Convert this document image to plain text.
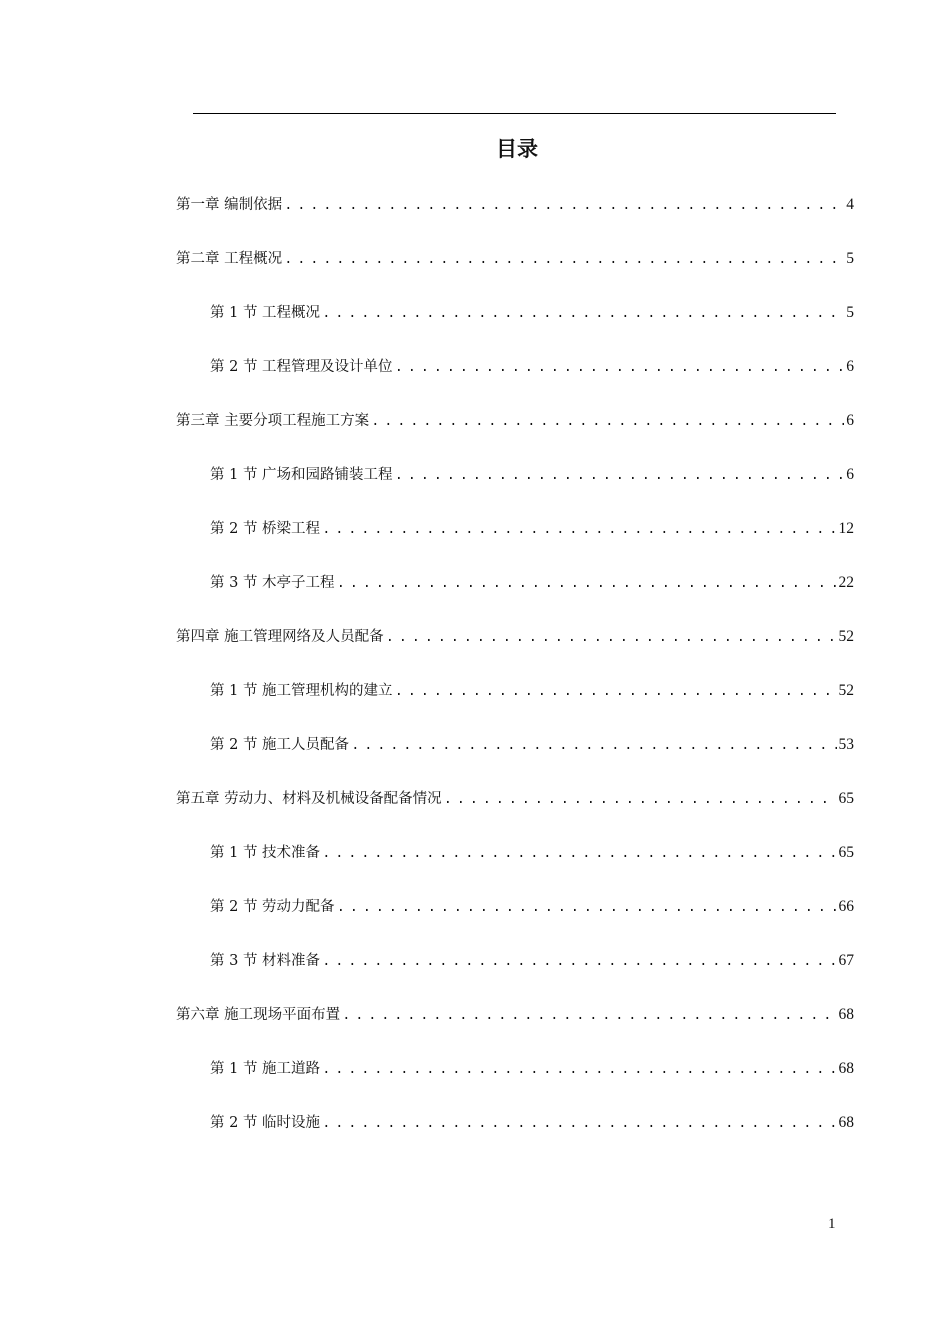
目录
第一章 编制依据 .....	4
第二章 工程概况 .....	5
第 1 节 工程概况 .....	5
第 2 节 工程管理及设计单位 .....	6
第三章 主要分项工程施工方案 .....	6
第 1 节 广场和园路铺装工程 .....	6
第 2 节 桥梁工程 .....	12
第 3 节 木亭子工程 .....	22
第四章 施工管理网络及人员配备 .....	52
第 1 节 施工管理机构的建立 .....	52
第 2 节 施工人员配备 .....	53
第五章 劳动力、材料及机械设备配备情况 .....	65
第 1 节 技术准备 .....	65
第 2 节 劳动力配备 .....	66
第 3 节 材料准备 .....	67
第六章 施工现场平面布置 .....	68
第 1 节 施工道路 .....	68
第 2 节 临时设施 .....	68
1
